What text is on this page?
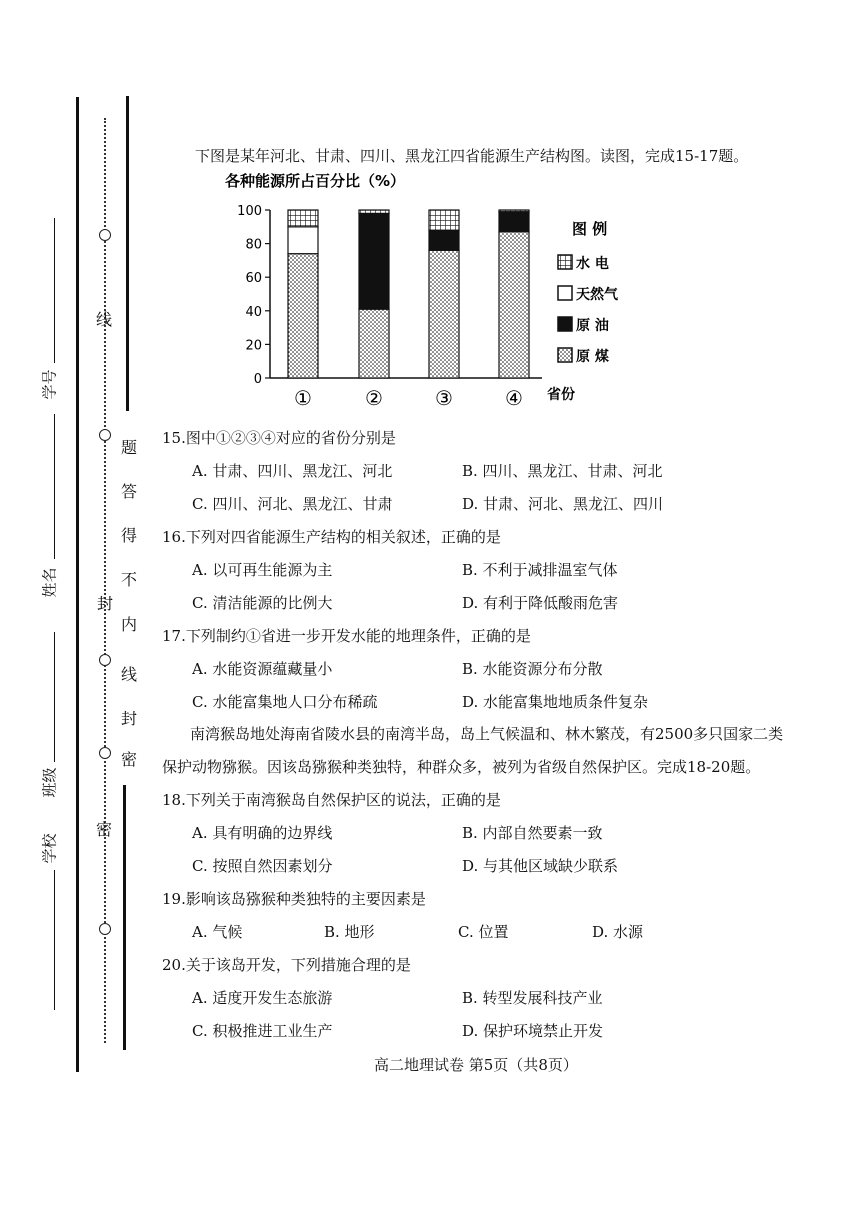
线
题
答
得
不
内
线
封
密
封
密
学号
姓名
班级
学校
下图是某年河北、甘肃、四川、黑龙江四省能源生产结构图。读图，完成15-17题。
各种能源所占百分比（%）
0
20
40
60
80
100
①	②	③	④ 省份
图 例
水 电
天然气
原 油
原 煤
15.图中①②③④对应的省份分别是
A. 甘肃、四川、黑龙江、河北	B. 四川、黑龙江、甘肃、河北
C. 四川、河北、黑龙江、甘肃	D. 甘肃、河北、黑龙江、四川
16.下列对四省能源生产结构的相关叙述，正确的是
A. 以可再生能源为主	B. 不利于减排温室气体
C. 清洁能源的比例大	D. 有利于降低酸雨危害
17.下列制约①省进一步开发水能的地理条件，正确的是
A. 水能资源蕴藏量小	B. 水能资源分布分散
C. 水能富集地人口分布稀疏	D. 水能富集地地质条件复杂
南湾猴岛地处海南省陵水县的南湾半岛，岛上气候温和、林木繁茂，有2500多只国家二类
保护动物猕猴。因该岛猕猴种类独特，种群众多，被列为省级自然保护区。完成18-20题。
18.下列关于南湾猴岛自然保护区的说法，正确的是
A. 具有明确的边界线	B. 内部自然要素一致
C. 按照自然因素划分	D. 与其他区域缺少联系
19.影响该岛猕猴种类独特的主要因素是
A. 气候	B. 地形	C. 位置	D. 水源
20.关于该岛开发，下列措施合理的是
A. 适度开发生态旅游	B. 转型发展科技产业
C. 积极推进工业生产	D. 保护环境禁止开发
高二地理试卷 第5页（共8页）
